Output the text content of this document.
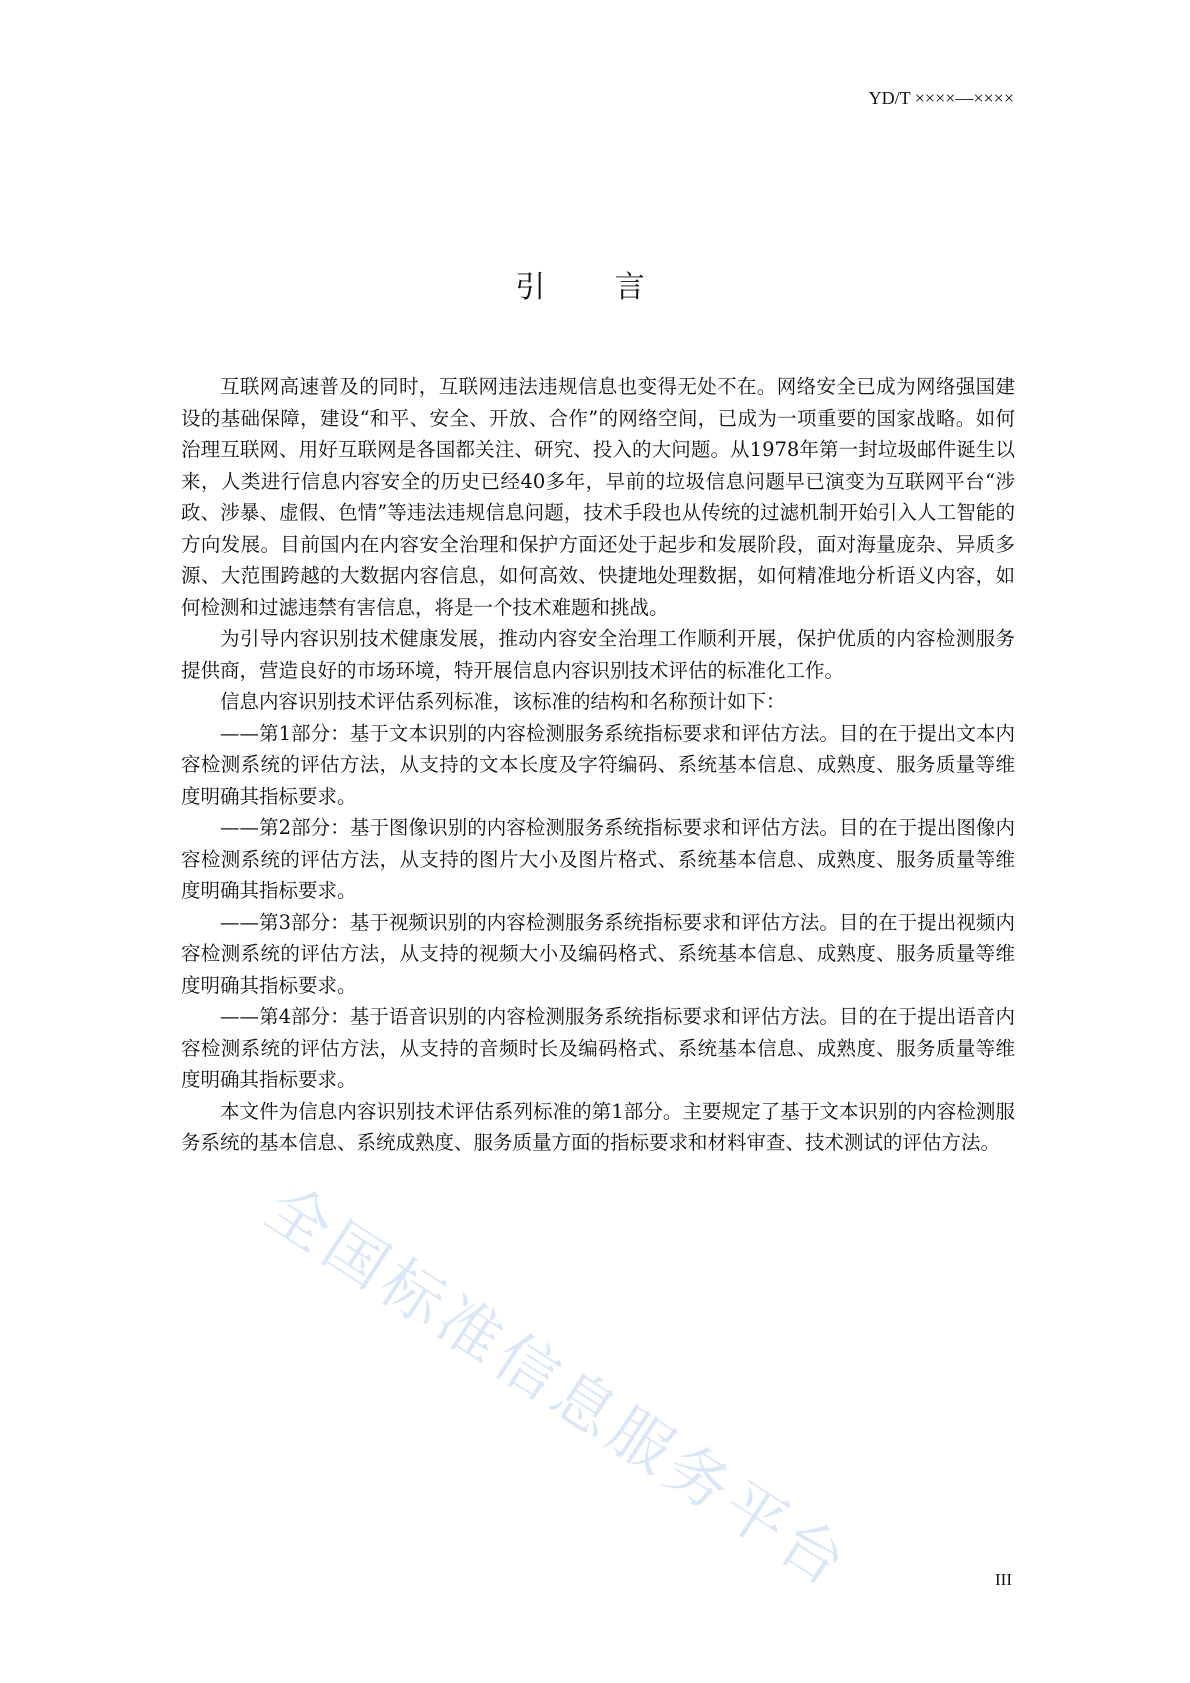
YD/T ××××—××××
引 言

互联网高速普及的同时，互联网违法违规信息也变得无处不在。网络安全已成为网络强国建设的基础保障，建设“和平、安全、开放、合作”的网络空间，已成为一项重要的国家战略。如何治理互联网、用好互联网是各国都关注、研究、投入的大问题。从1978年第一封垃圾邮件诞生以来，人类进行信息内容安全的历史已经40多年，早前的垃圾信息问题早已演变为互联网平台“涉政、涉暴、虚假、色情”等违法违规信息问题，技术手段也从传统的过滤机制开始引入人工智能的方向发展。目前国内在内容安全治理和保护方面还处于起步和发展阶段，面对海量庞杂、异质多源、大范围跨越的大数据内容信息，如何高效、快捷地处理数据，如何精准地分析语义内容，如何检测和过滤违禁有害信息，将是一个技术难题和挑战。

为引导内容识别技术健康发展，推动内容安全治理工作顺利开展，保护优质的内容检测服务提供商，营造良好的市场环境，特开展信息内容识别技术评估的标准化工作。

信息内容识别技术评估系列标准，该标准的结构和名称预计如下：

——第1部分：基于文本识别的内容检测服务系统指标要求和评估方法。目的在于提出文本内容检测系统的评估方法，从支持的文本长度及字符编码、系统基本信息、成熟度、服务质量等维度明确其指标要求。

——第2部分：基于图像识别的内容检测服务系统指标要求和评估方法。目的在于提出图像内容检测系统的评估方法，从支持的图片大小及图片格式、系统基本信息、成熟度、服务质量等维度明确其指标要求。

——第3部分：基于视频识别的内容检测服务系统指标要求和评估方法。目的在于提出视频内容检测系统的评估方法，从支持的视频大小及编码格式、系统基本信息、成熟度、服务质量等维度明确其指标要求。

——第4部分：基于语音识别的内容检测服务系统指标要求和评估方法。目的在于提出语音内容检测系统的评估方法，从支持的音频时长及编码格式、系统基本信息、成熟度、服务质量等维度明确其指标要求。

本文件为信息内容识别技术评估系列标准的第1部分。主要规定了基于文本识别的内容检测服务系统的基本信息、系统成熟度、服务质量方面的指标要求和材料审查、技术测试的评估方法。

全国标准信息服务平台	III
